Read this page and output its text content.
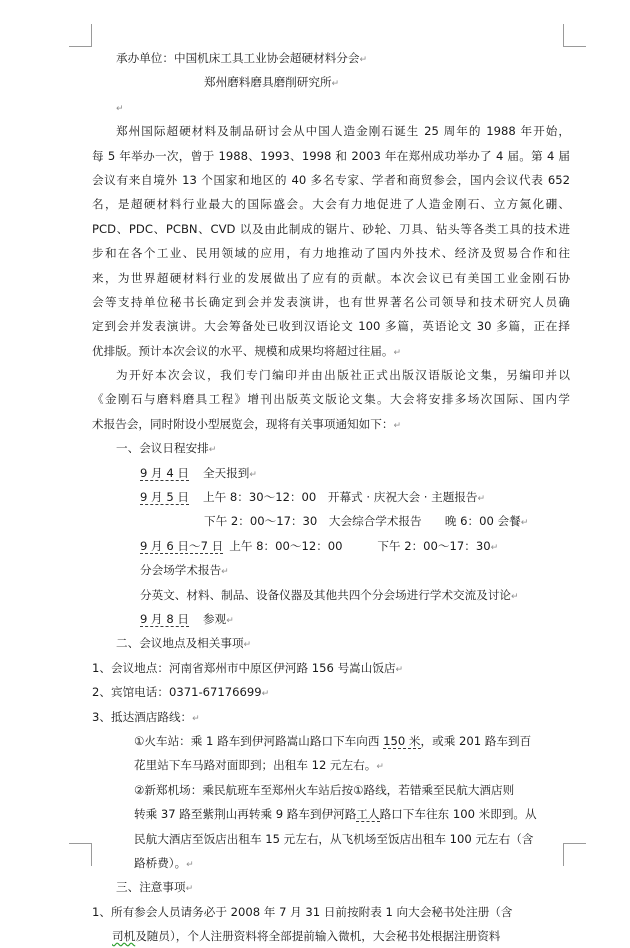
承办单位：中国机床工具工业协会超硬材料分会↵
郑州磨料磨具磨削研究所↵
↵
郑州国际超硬材料及制品研讨会从中国人造金刚石诞生 25 周年的 1988 年开始，
每 5 年举办一次，曾于 1988、1993、1998 和 2003 年在郑州成功举办了 4 届。第 4 届
会议有来自境外 13 个国家和地区的 40 多名专家、学者和商贸参会，国内会议代表 652
名，是超硬材料行业最大的国际盛会。大会有力地促进了人造金刚石、立方氮化硼、
PCD、PDC、PCBN、CVD 以及由此制成的锯片、砂轮、刀具、钻头等各类工具的技术进
步和在各个工业、民用领域的应用，有力地推动了国内外技术、经济及贸易合作和往
来，为世界超硬材料行业的发展做出了应有的贡献。本次会议已有美国工业金刚石协
会等支持单位秘书长确定到会并发表演讲，也有世界著名公司领导和技术研究人员确
定到会并发表演讲。大会筹备处已收到汉语论文 100 多篇，英语论文 30 多篇，正在择
优排版。预计本次会议的水平、规模和成果均将超过往届。↵
为开好本次会议，我们专门编印并由出版社正式出版汉语版论文集，另编印并以
《金刚石与磨料磨具工程》增刊出版英文版论文集。大会将安排多场次国际、国内学
术报告会，同时附设小型展览会，现将有关事项通知如下：↵
一、会议日程安排↵
9 月 4 日 全天报到↵
9 月 5 日 上午 8：30～12：00　开幕式 · 庆祝大会 · 主题报告↵
下午 2：00～17：30　大会综合学术报告　　晚 6：00 会餐↵
9 月 6 日～7 日 上午 8：00～12：00　　　下午 2：00～17：30↵
分会场学术报告↵
分英文、材料、制品、设备仪器及其他共四个分会场进行学术交流及讨论↵
9 月 8 日 参观↵
二、会议地点及相关事项↵
1、会议地点：河南省郑州市中原区伊河路 156 号嵩山饭店↵
2、宾馆电话：0371-67176699↵
3、抵达酒店路线：↵
①火车站：乘 1 路车到伊河路嵩山路口下车向西 150 米，或乘 201 路车到百
花里站下车马路对面即到；出租车 12 元左右。↵
②新郑机场：乘民航班车至郑州火车站后按①路线，若错乘至民航大酒店则
转乘 37 路至紫荆山再转乘 9 路车到伊河路工人路口下车往东 100 米即到。从
民航大酒店至饭店出租车 15 元左右，从飞机场至饭店出租车 100 元左右（含
路桥费）。↵
三、注意事项↵
1、所有参会人员请务必于 2008 年 7 月 31 日前按附表 1 向大会秘书处注册（含
司机及随员），个人注册资料将全部提前输入微机，大会秘书处根据注册资料
